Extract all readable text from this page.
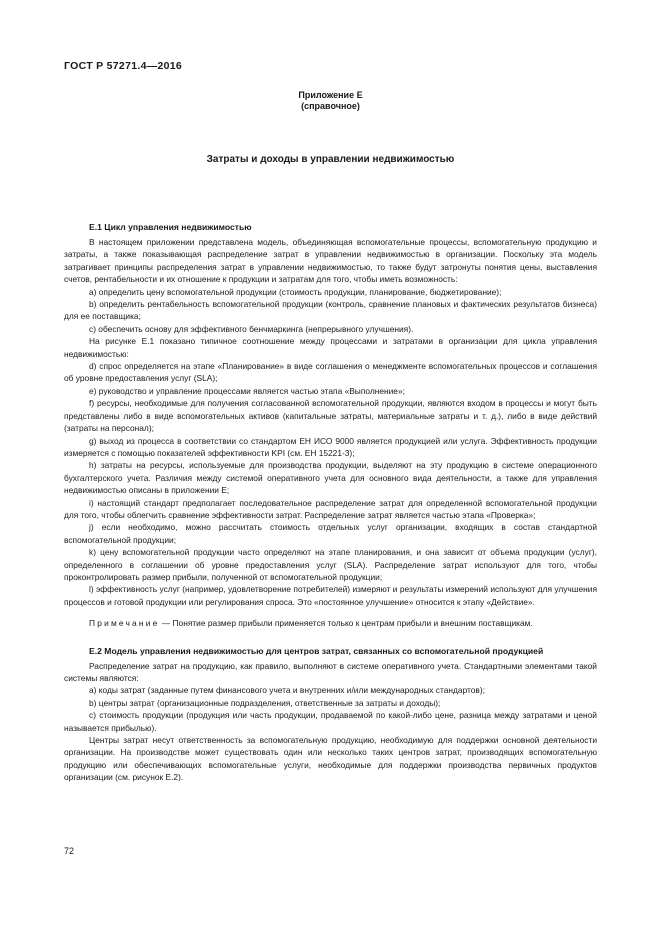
ГОСТ Р 57271.4—2016
Приложение Е
(справочное)
Затраты и доходы в управлении недвижимостью
Е.1 Цикл управления недвижимостью

В настоящем приложении представлена модель, объединяющая вспомогательные процессы, вспомогательную продукцию и затраты, а также показывающая распределение затрат в управлении недвижимостью в организации. Поскольку эта модель затрагивает принципы распределения затрат в управлении недвижимостью, то также будут затронуты понятия цены, выставления счетов, рентабельности и их отношение к продукции и затратам для того, чтобы иметь возможность:

a) определить цену вспомогательной продукции (стоимость продукции, планирование, бюджетирование);

b) определить рентабельность вспомогательной продукции (контроль, сравнение плановых и фактических результатов бизнеса) для ее поставщика;

c) обеспечить основу для эффективного бенчмаркинга (непрерывного улучшения).

На рисунке Е.1 показано типичное соотношение между процессами и затратами в организации для цикла управления недвижимостью:

d) спрос определяется на этапе «Планирование» в виде соглашения о менеджменте вспомогательных процессов и соглашения об уровне предоставления услуг (SLA);

e) руководство и управление процессами является частью этапа «Выполнение»;

f) ресурсы, необходимые для получения согласованной вспомогательной продукции, являются входом в процессы и могут быть представлены либо в виде вспомогательных активов (капитальные затраты, материальные затраты и т. д.), либо в виде действий (затраты на персонал);

g) выход из процесса в соответствии со стандартом ЕН ИСО 9000 является продукцией или услуга. Эффективность продукции измеряется с помощью показателей эффективности KPI (см. ЕН 15221-3);

h) затраты на ресурсы, используемые для производства продукции, выделяют на эту продукцию в системе операционного бухгалтерского учета. Различия между системой оперативного учета для основного вида деятельности, а также для управления недвижимостью описаны в приложении Е;

i) настоящий стандарт предполагает последовательное распределение затрат для определенной вспомогательной продукции для того, чтобы облегчить сравнение эффективности затрат. Распределение затрат является частью этапа «Проверка»;

j) если необходимо, можно рассчитать стоимость отдельных услуг организации, входящих в состав стандартной вспомогательной продукции;

k) цену вспомогательной продукции часто определяют на этапе планирования, и она зависит от объема продукции (услуг), определенного в соглашении об уровне предоставления услуг (SLA). Распределение затрат используют для того, чтобы проконтролировать размер прибыли, полученной от вспомогательной продукции;

l) эффективность услуг (например, удовлетворение потребителей) измеряют и результаты измерений используют для улучшения процессов и готовой продукции или регулирования спроса. Это «постоянное улучшение» относится к этапу «Действие».

Примечание — Понятие размер прибыли применяется только к центрам прибыли и внешним поставщикам.

Е.2 Модель управления недвижимостью для центров затрат, связанных со вспомогательной продукцией

Распределение затрат на продукцию, как правило, выполняют в системе оперативного учета. Стандартными элементами такой системы являются:

a) коды затрат (заданные путем финансового учета и внутренних и/или международных стандартов);

b) центры затрат (организационные подразделения, ответственные за затраты и доходы);

c) стоимость продукции (продукция или часть продукции, продаваемой по какой-либо цене, разница между затратами и ценой называется прибылью).

Центры затрат несут ответственность за вспомогательную продукцию, необходимую для поддержки основной деятельности организации. На производстве может существовать один или несколько таких центров затрат, производящих вспомогательную продукцию или обеспечивающих вспомогательные услуги, необходимые для поддержки производства первичных продуктов организации (см. рисунок Е.2).

72
